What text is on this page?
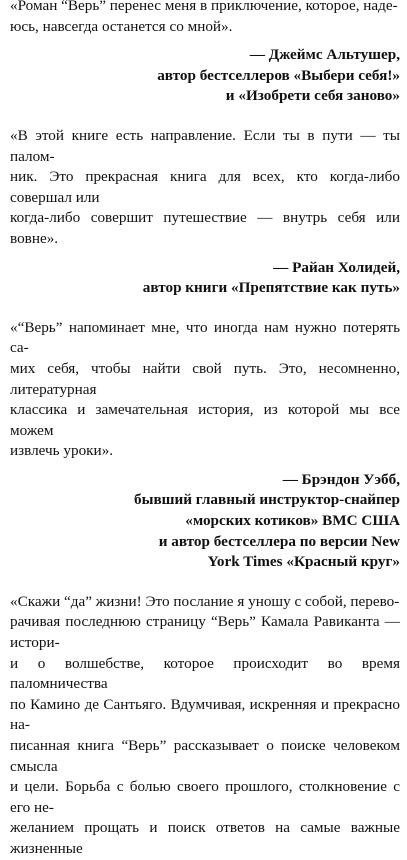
«Роман “Верь” перенес меня в приключение, которое, наде-
юсь, навсегда останется со мной».

— Джеймс Альтушер,
автор бестселлеров «Выбери себя!»
и «Изобрети себя заново»

«В этой книге есть направление. Если ты в пути — ты палом-
ник. Это прекрасная книга для всех, кто когда-либо совершал или
когда-либо совершит путешествие — внутрь себя или вовне».

— Райан Холидей,
автор книги «Препятствие как путь»

«“Верь” напоминает мне, что иногда нам нужно потерять са-
мих себя, чтобы найти свой путь. Это, несомненно, литературная
классика и замечательная история, из которой мы все можем
извлечь уроки».

— Брэндон Уэбб,
бывший главный инструктор-снайпер
«морских котиков» ВМС США
и автор бестселлера по версии New
York Times «Красный круг»

«Скажи “да” жизни! Это послание я уношу с собой, перево-
рачивая последнюю страницу “Верь” Камала Равиканта — истори-
и о волшебстве, которое происходит во время паломничества
по Камино де Сантьяго. Вдумчивая, искренняя и прекрасно на-
писанная книга “Верь” рассказывает о поиске человеком смысла
и цели. Борьба с болью своего прошлого, столкновение с его не-
желанием прощать и поиск ответов на самые важные жизненные
